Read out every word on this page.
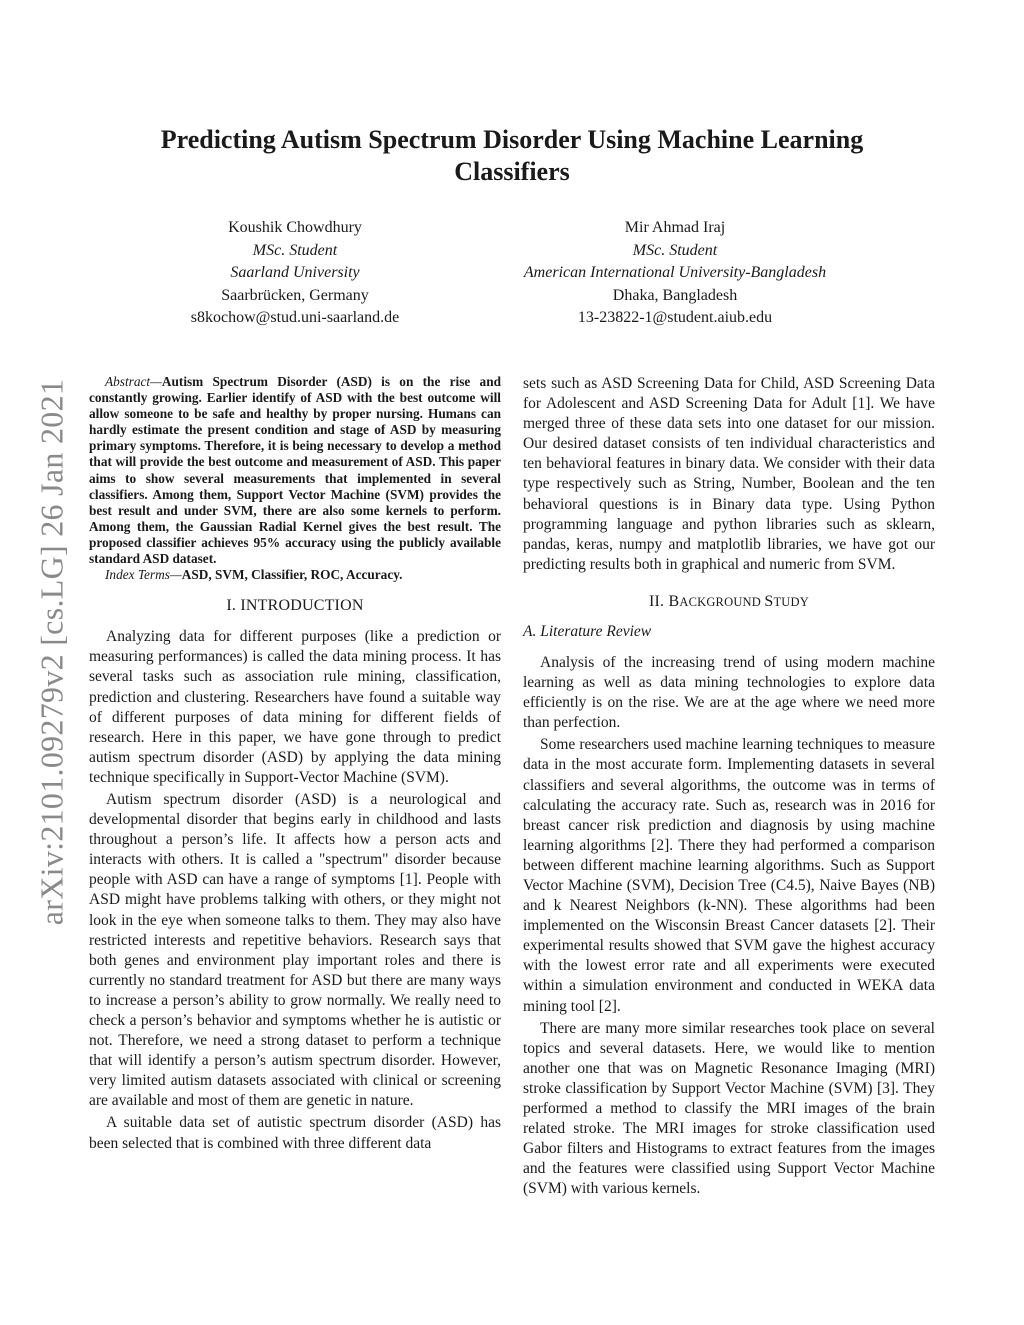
arXiv:2101.09279v2 [cs.LG] 26 Jan 2021
Predicting Autism Spectrum Disorder Using Machine Learning
Classifiers
Koushik Chowdhury
MSc. Student
Saarland University
Saarbrücken, Germany
s8kochow@stud.uni-saarland.de
Mir Ahmad Iraj
MSc. Student
American International University-Bangladesh
Dhaka, Bangladesh
13-23822-1@student.aiub.edu

Abstract—Autism Spectrum Disorder (ASD) is on the rise and constantly growing. Earlier identify of ASD with the best outcome will allow someone to be safe and healthy by proper nursing. Humans can hardly estimate the present condition and stage of ASD by measuring primary symptoms. Therefore, it is being necessary to develop a method that will provide the best outcome and measurement of ASD. This paper aims to show several measurements that implemented in several classifiers. Among them, Support Vector Machine (SVM) provides the best result and under SVM, there are also some kernels to perform. Among them, the Gaussian Radial Kernel gives the best result. The proposed classifier achieves 95% accuracy using the publicly available standard ASD dataset.

Index Terms—ASD, SVM, Classifier, ROC, Accuracy.

I. INTRODUCTION

Analyzing data for different purposes (like a prediction or measuring performances) is called the data mining process. It has several tasks such as association rule mining, classification, prediction and clustering. Researchers have found a suitable way of different purposes of data mining for different fields of research. Here in this paper, we have gone through to predict autism spectrum disorder (ASD) by applying the data mining technique specifically in Support-Vector Machine (SVM).

Autism spectrum disorder (ASD) is a neurological and developmental disorder that begins early in childhood and lasts throughout a person’s life. It affects how a person acts and interacts with others. It is called a "spectrum" disorder because people with ASD can have a range of symptoms [1]. People with ASD might have problems talking with others, or they might not look in the eye when someone talks to them. They may also have restricted interests and repetitive behaviors. Research says that both genes and environment play important roles and there is currently no standard treatment for ASD but there are many ways to increase a person’s ability to grow normally. We really need to check a person’s behavior and symptoms whether he is autistic or not. Therefore, we need a strong dataset to perform a technique that will identify a person’s autism spectrum disorder. However, very limited autism datasets associated with clinical or screening are available and most of them are genetic in nature.

A suitable data set of autistic spectrum disorder (ASD) has been selected that is combined with three different data

sets such as ASD Screening Data for Child, ASD Screening Data for Adolescent and ASD Screening Data for Adult [1]. We have merged three of these data sets into one dataset for our mission. Our desired dataset consists of ten individual characteristics and ten behavioral features in binary data. We consider with their data type respectively such as String, Number, Boolean and the ten behavioral questions is in Binary data type. Using Python programming language and python libraries such as sklearn, pandas, keras, numpy and matplotlib libraries, we have got our predicting results both in graphical and numeric from SVM.

II. BACKGROUND STUDY
A. Literature Review

Analysis of the increasing trend of using modern machine learning as well as data mining technologies to explore data efficiently is on the rise. We are at the age where we need more than perfection.

Some researchers used machine learning techniques to measure data in the most accurate form. Implementing datasets in several classifiers and several algorithms, the outcome was in terms of calculating the accuracy rate. Such as, research was in 2016 for breast cancer risk prediction and diagnosis by using machine learning algorithms [2]. There they had performed a comparison between different machine learning algorithms. Such as Support Vector Machine (SVM), Decision Tree (C4.5), Naive Bayes (NB) and k Nearest Neighbors (k-NN). These algorithms had been implemented on the Wisconsin Breast Cancer datasets [2]. Their experimental results showed that SVM gave the highest accuracy with the lowest error rate and all experiments were executed within a simulation environment and conducted in WEKA data mining tool [2].

There are many more similar researches took place on several topics and several datasets. Here, we would like to mention another one that was on Magnetic Resonance Imaging (MRI) stroke classification by Support Vector Machine (SVM) [3]. They performed a method to classify the MRI images of the brain related stroke. The MRI images for stroke classification used Gabor filters and Histograms to extract features from the images and the features were classified using Support Vector Machine (SVM) with various kernels.
